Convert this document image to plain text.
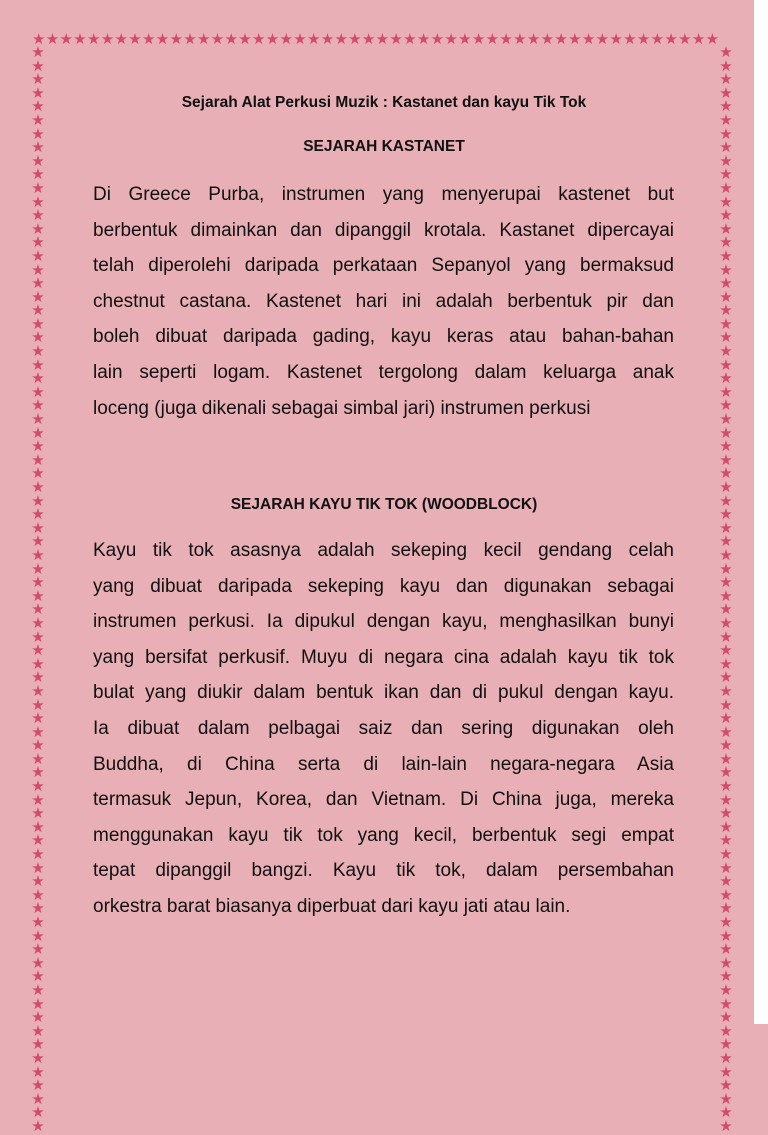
★★★★★★★★★★★★★★★★★★★★★★★★★★★★★★★★★★★★★★★★★★★★★★★★★★
★
★
★
★
★
★
★
★
★
★
★
★
★
★
★
★
★
★
★
★
★
★
★
★
★
★
★
★
★
★
★
★
★
★
★
★
★
★
★
★
★
★
★
★
★
★
★
★
★
★
★
★
★
★
★
★
★
★
★
★
★
★
★
★
★
★
★
★
★
★
★
★
★
★
★
★
★
★
★
★
★
★
★
★
★
★
★
★
★
★
★
★
★
★
★
★
★
★
★
★
★
★
★
★
★
★
★
★
★
★
★
★
★
★
★
★
★
★
★
★
★
★
★
★
★
★
★
★
★
★
★
★
★
★
★
★
★
★
★
★
★
★
★
★
★
★
★
★
★
★
★
★
★
★
★
★
★
★
★
★
Sejarah Alat Perkusi Muzik : Kastanet dan kayu Tik Tok
SEJARAH KASTANET

Di Greece Purba, instrumen yang menyerupai kastenet but
berbentuk dimainkan dan dipanggil krotala. Kastanet dipercayai
telah diperolehi daripada perkataan Sepanyol yang bermaksud
chestnut castana. Kastenet hari ini adalah berbentuk pir dan
boleh dibuat daripada gading, kayu keras atau bahan-bahan
lain seperti logam. Kastenet tergolong dalam keluarga anak
loceng (juga dikenali sebagai simbal jari) instrumen perkusi

SEJARAH KAYU TIK TOK (WOODBLOCK)

Kayu tik tok asasnya adalah sekeping kecil gendang celah
yang dibuat daripada sekeping kayu dan digunakan sebagai
instrumen perkusi. Ia dipukul dengan kayu, menghasilkan bunyi
yang bersifat perkusif. Muyu di negara cina adalah kayu tik tok
bulat yang diukir dalam bentuk ikan dan di pukul dengan kayu.
Ia dibuat dalam pelbagai saiz dan sering digunakan oleh
Buddha, di China serta di lain-lain negara-negara Asia
termasuk Jepun, Korea, dan Vietnam. Di China juga, mereka
menggunakan kayu tik tok yang kecil, berbentuk segi empat
tepat dipanggil bangzi. Kayu tik tok, dalam persembahan
orkestra barat biasanya diperbuat dari kayu jati atau lain.
